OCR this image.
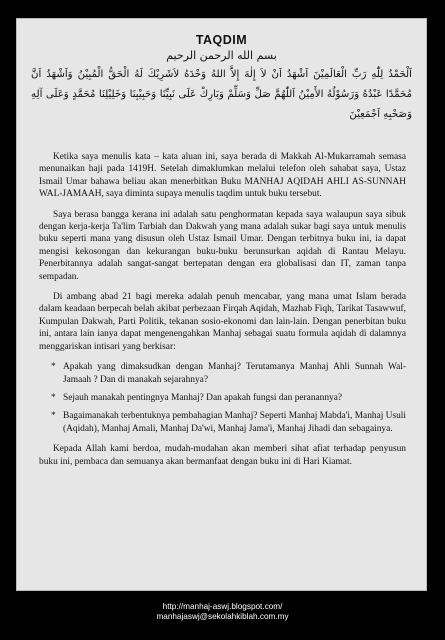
TAQDIM
بسم الله الرحمن الرحيم
اَلْحَمْدُ لِلّٰهِ رَبِّ الْعَالَمِيْنَ اَشْهَدُ اَنْ لاَ إِلٰهَ إِلاَّ اللهُ وَحْدَهُ لاَشَرِيْكَ لَهُ الْحَقُّ الْمُبِيْنُ وَاَشْهَدُ اَنَّ مُحَمَّدًا عَبْدُهُ وَرَسُوْلُهُ الأَمِيْنُ اَللّٰهُمَّ صَلِّ وَسَلِّمْ وَبَارِكْ عَلَى نَبِيِّنَا وَحَبِيْبِنَا وَخَلِيْلِنَا مُحَمَّدٍ وَعَلَى آلِهِ وَصَحْبِهِ اَجْمَعِيْنَ

Ketika saya menulis kata – kata aluan ini, saya berada di Makkah Al-Mukarramah semasa menunaikan haji pada 1419H. Setelah dimaklumkan melalui telefon oleh sahabat saya, Ustaz Ismail Umar bahawa beliau akan menerbitkan Buku MANHAJ AQIDAH AHLI AS-SUNNAH WAL-JAMAAH, saya diminta supaya menulis taqdim untuk buku tersebut.

Saya berasa bangga kerana ini adalah satu penghormatan kepada saya walaupun saya sibuk dengan kerja-kerja Ta'lim Tarbiah dan Dakwah yang mana adalah sukar bagi saya untuk menulis buku seperti mana yang disusun oleh Ustaz Ismail Umar. Dengan terbitnya buku ini, ia dapat mengisi kekosongan dan kekurangan buku-buku berunsurkan aqidah di Rantau Melayu. Penerbitannya adalah sangat-sangat bertepatan dengan era globalisasi dan IT, zaman tanpa sempadan.

Di ambang abad 21 bagi mereka adalah penuh mencabar, yang mana umat Islam berada dalam keadaan berpecah belah akibat perbezaan Firqah Aqidah, Mazhab Fiqh, Tarikat Tasawwuf, Kumpulan Dakwah, Parti Politik, tekanan sosio-ekonomi dan lain-lain. Dengan penerbitan buku ini, antara lain ianya dapat mengenengahkan Manhaj sebagai suatu formula aqidah di dalamnya menggariskan intisari yang berkisar:

* Apakah yang dimaksudkan dengan Manhaj? Terutamanya Manhaj Ahli Sunnah Wal-Jamaah ? Dan di manakah sejarahnya?
* Sejauh manakah pentingnya Manhaj? Dan apakah fungsi dan peranannya?
* Bagaimanakah terbentuknya pembahagian Manhaj? Seperti Manhaj Mabda'i, Manhaj Usuli (Aqidah), Manhaj Amali, Manhaj Da'wi, Manhaj Jama'i, Manhaj Jihadi dan sebagainya.

Kepada Allah kami berdoa, mudah-mudahan akan memberi sihat afiat terhadap penyusun buku ini, pembaca dan semuanya akan bermanfaat dengan buku ini di Hari Kiamat.

http://manhaj-aswj.blogspot.com/
manhajaswj@sekolahkiblah.com.my
